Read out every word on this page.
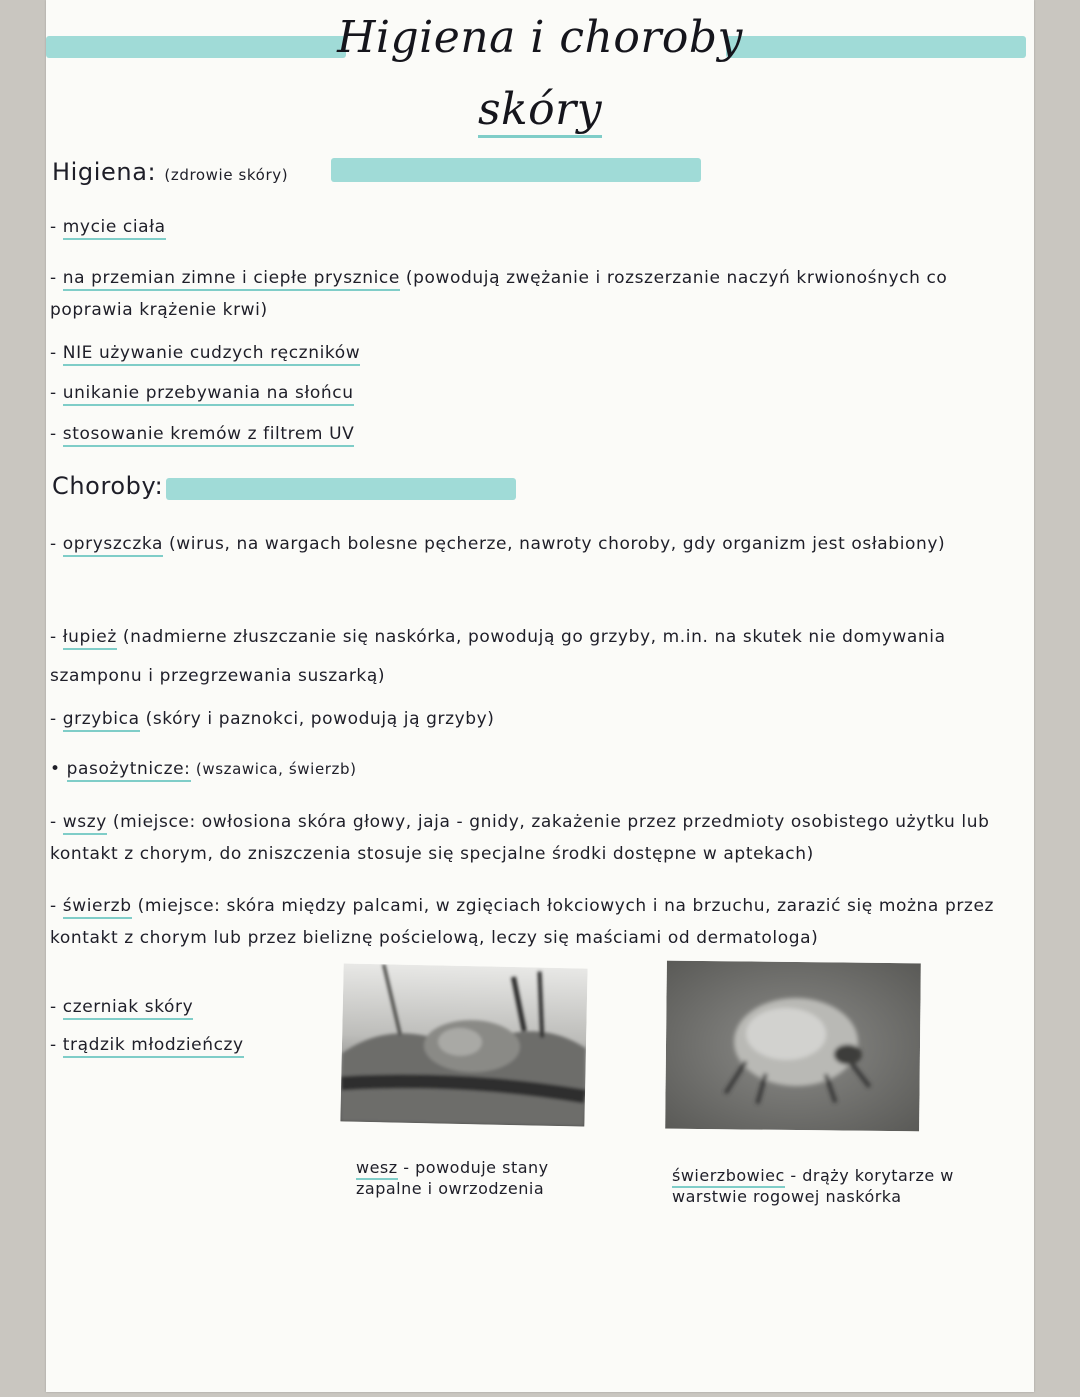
Higiena i choroby
skóry
Higiena: (zdrowie skóry)
- mycie ciała
- na przemian zimne i ciepłe prysznice (powodują zwężanie i rozszerzanie naczyń krwionośnych co poprawia krążenie krwi)
- NIE używanie cudzych ręczników
- unikanie przebywania na słońcu
- stosowanie kremów z filtrem UV
Choroby:
- opryszczka (wirus, na wargach bolesne pęcherze, nawroty choroby, gdy organizm jest osłabiony)
- łupież (nadmierne złuszczanie się naskórka, powodują go grzyby, m.in. na skutek nie domywania szamponu i przegrzewania suszarką)
- grzybica (skóry i paznokci, powodują ją grzyby)
• pasożytnicze: (wszawica, świerzb)
- wszy (miejsce: owłosiona skóra głowy, jaja - gnidy, zakażenie przez przedmioty osobistego użytku lub kontakt z chorym, do zniszczenia stosuje się specjalne środki dostępne w aptekach)
- świerzb (miejsce: skóra między palcami, w zgięciach łokciowych i na brzuchu, zarazić się można przez kontakt z chorym lub przez bieliznę pościelową, leczy się maściami od dermatologa)
- czerniak skóry
- trądzik młodzieńczy
wesz - powoduje stany zapalne i owrzodzenia
świerzbowiec - drąży korytarze w warstwie rogowej naskórka
